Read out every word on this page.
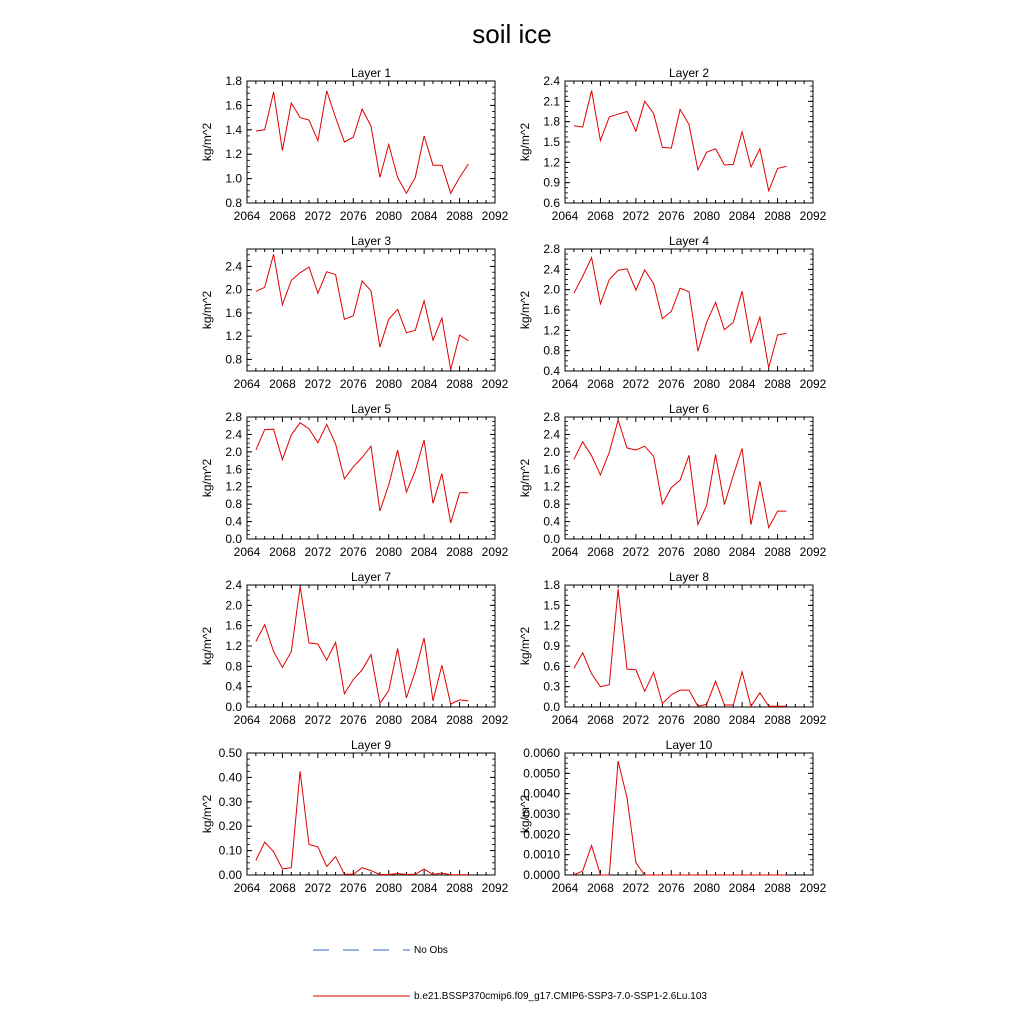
soil ice
Layer 1
2064 2068 2072 2076 2080 2084 2088 2092
0.8
1.0
1.2
1.4
1.6
1.8
kg/m^2
Layer 2
2064 2068 2072 2076 2080 2084 2088 2092
0.6
0.9
1.2
1.5
1.8
2.1
2.4
kg/m^2
Layer 3
2064 2068 2072 2076 2080 2084 2088 2092
0.8
1.2
1.6
2.0
2.4
kg/m^2
Layer 4
2064 2068 2072 2076 2080 2084 2088 2092
0.4
0.8
1.2
1.6
2.0
2.4
2.8
kg/m^2
Layer 5
2064 2068 2072 2076 2080 2084 2088 2092
0.0
0.4
0.8
1.2
1.6
2.0
2.4
2.8
kg/m^2
Layer 6
2064 2068 2072 2076 2080 2084 2088 2092
0.0
0.4
0.8
1.2
1.6
2.0
2.4
2.8
kg/m^2
Layer 7
2064 2068 2072 2076 2080 2084 2088 2092
0.0
0.4
0.8
1.2
1.6
2.0
2.4
kg/m^2
Layer 8
2064 2068 2072 2076 2080 2084 2088 2092
0.0
0.3
0.6
0.9
1.2
1.5
1.8
kg/m^2
Layer 9
2064 2068 2072 2076 2080 2084 2088 2092
0.00
0.10
0.20
0.30
0.40
0.50
kg/m^2
Layer 10
2064 2068 2072 2076 2080 2084 2088 2092
0.0000
0.0010
0.0020
0.0030
0.0040
0.0050
0.0060
kg/m^2
No Obs
b.e21.BSSP370cmip6.f09_g17.CMIP6-SSP3-7.0-SSP1-2.6Lu.103
